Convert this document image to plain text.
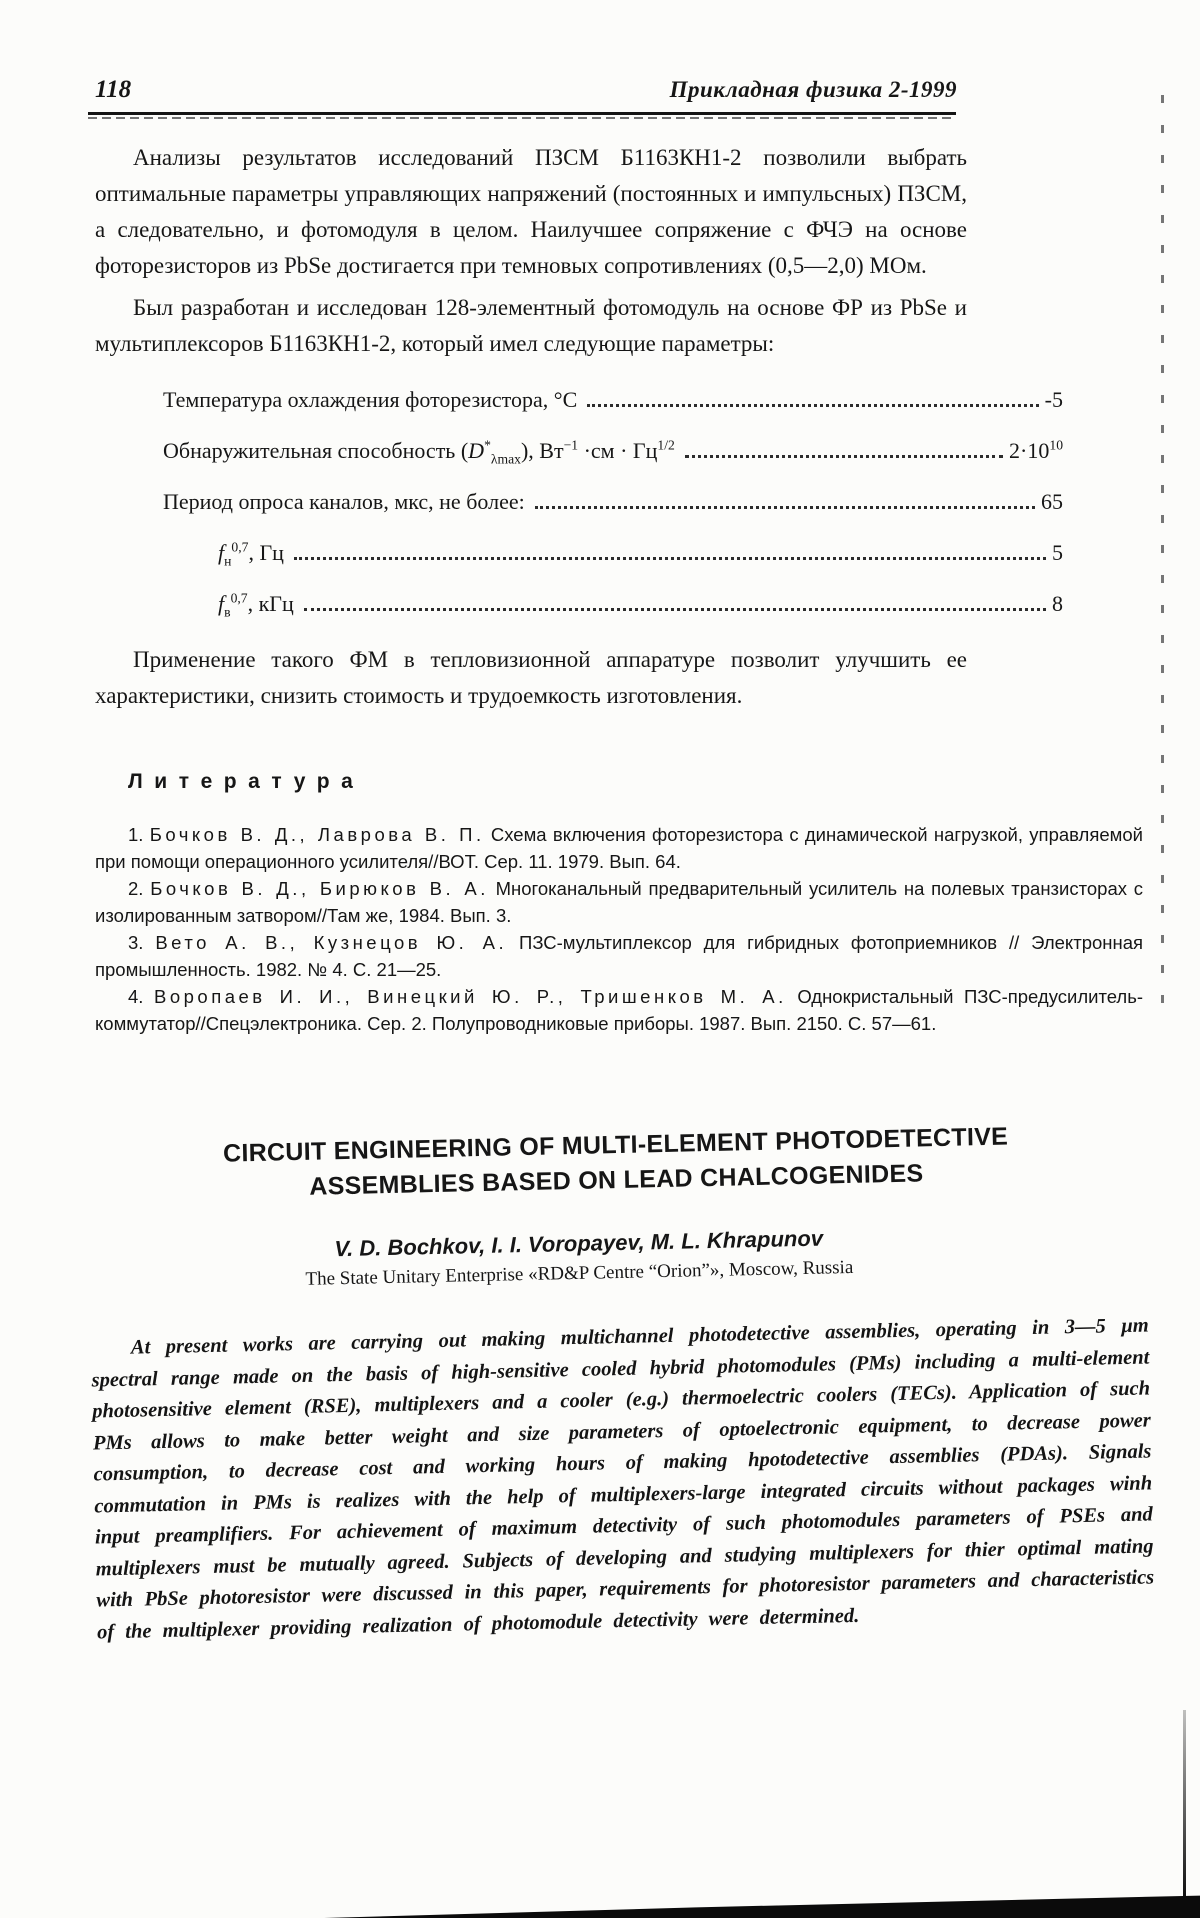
118	Прикладная физика 2-1999

Анализы результатов исследований ПЗСМ Б1163КН1-2 позволили выбрать оптимальные параметры управляющих напряжений (постоянных и импульсных) ПЗСМ, а следовательно, и фотомодуля в целом. Наилучшее сопряжение с ФЧЭ на основе фоторезисторов из PbSe достигается при темновых сопротивлениях (0,5—2,0) МОм.

Был разработан и исследован 128-элементный фотомодуль на основе ФР из PbSe и мультиплексоров Б1163КН1-2, который имел следующие параметры:

Температура охлаждения фоторезистора, °С	-5
Обнаружительная способность $(D^*_{\lambda max})$, $Вт^{-1} \cdot см \cdot Гц^{1/2}$	$2\cdot 10^{10}$
Период опроса каналов, мкс, не более:	65
$f_н^{0,7}$, Гц	5
$f_в^{0,7}$, кГц	8

Применение такого ФМ в тепловизионной аппаратуре позволит улучшить ее характеристики, снизить стоимость и трудоемкость изготовления.

Литература

1. Бочков В. Д., Лаврова В. П. Схема включения фоторезистора с динамической нагрузкой, управляемой при помощи операционного усилителя//ВОТ. Сер. 11. 1979. Вып. 64.

2. Бочков В. Д., Бирюков В. А. Многоканальный предварительный усилитель на полевых транзисторах с изолированным затвором//Там же, 1984. Вып. 3.

3. Вето А. В., Кузнецов Ю. А. ПЗС-мультиплексор для гибридных фотоприемников // Электронная промышленность. 1982. № 4. С. 21—25.

4. Воропаев И. И., Винецкий Ю. Р., Тришенков М. А. Однокристальный ПЗС-предусилитель-коммутатор//Спецэлектроника. Сер. 2. Полупроводниковые приборы. 1987. Вып. 2150. С. 57—61.

CIRCUIT ENGINEERING OF MULTI-ELEMENT PHOTODETECTIVE
ASSEMBLIES BASED ON LEAD CHALCOGENIDES
V. D. Bochkov, I. I. Voropayev, M. L. Khrapunov
The State Unitary Enterprise «RD&P Centre “Orion”», Moscow, Russia

At present works are carrying out making multichannel photodetective assemblies, operating in 3—5 μm spectral range made on the basis of high-sensitive cooled hybrid photomodules (PMs) including a multi-element photosensitive element (RSE), multiplexers and a cooler (e.g.) thermoelectric coolers (TECs). Application of such PMs allows to make better weight and size parameters of optoelectronic equipment, to decrease power consumption, to decrease cost and working hours of making hpotodetective assemblies (PDAs). Signals commutation in PMs is realizes with the help of multiplexers-large integrated circuits without packages winh input preamplifiers. For achievement of maximum detectivity of such photomodules parameters of PSEs and multiplexers must be mutually agreed. Subjects of developing and studying multiplexers for thier optimal mating with PbSe photoresistor were discussed in this paper, requirements for photoresistor parameters and characteristics of the multiplexer providing realization of photomodule detectivity were determined.
